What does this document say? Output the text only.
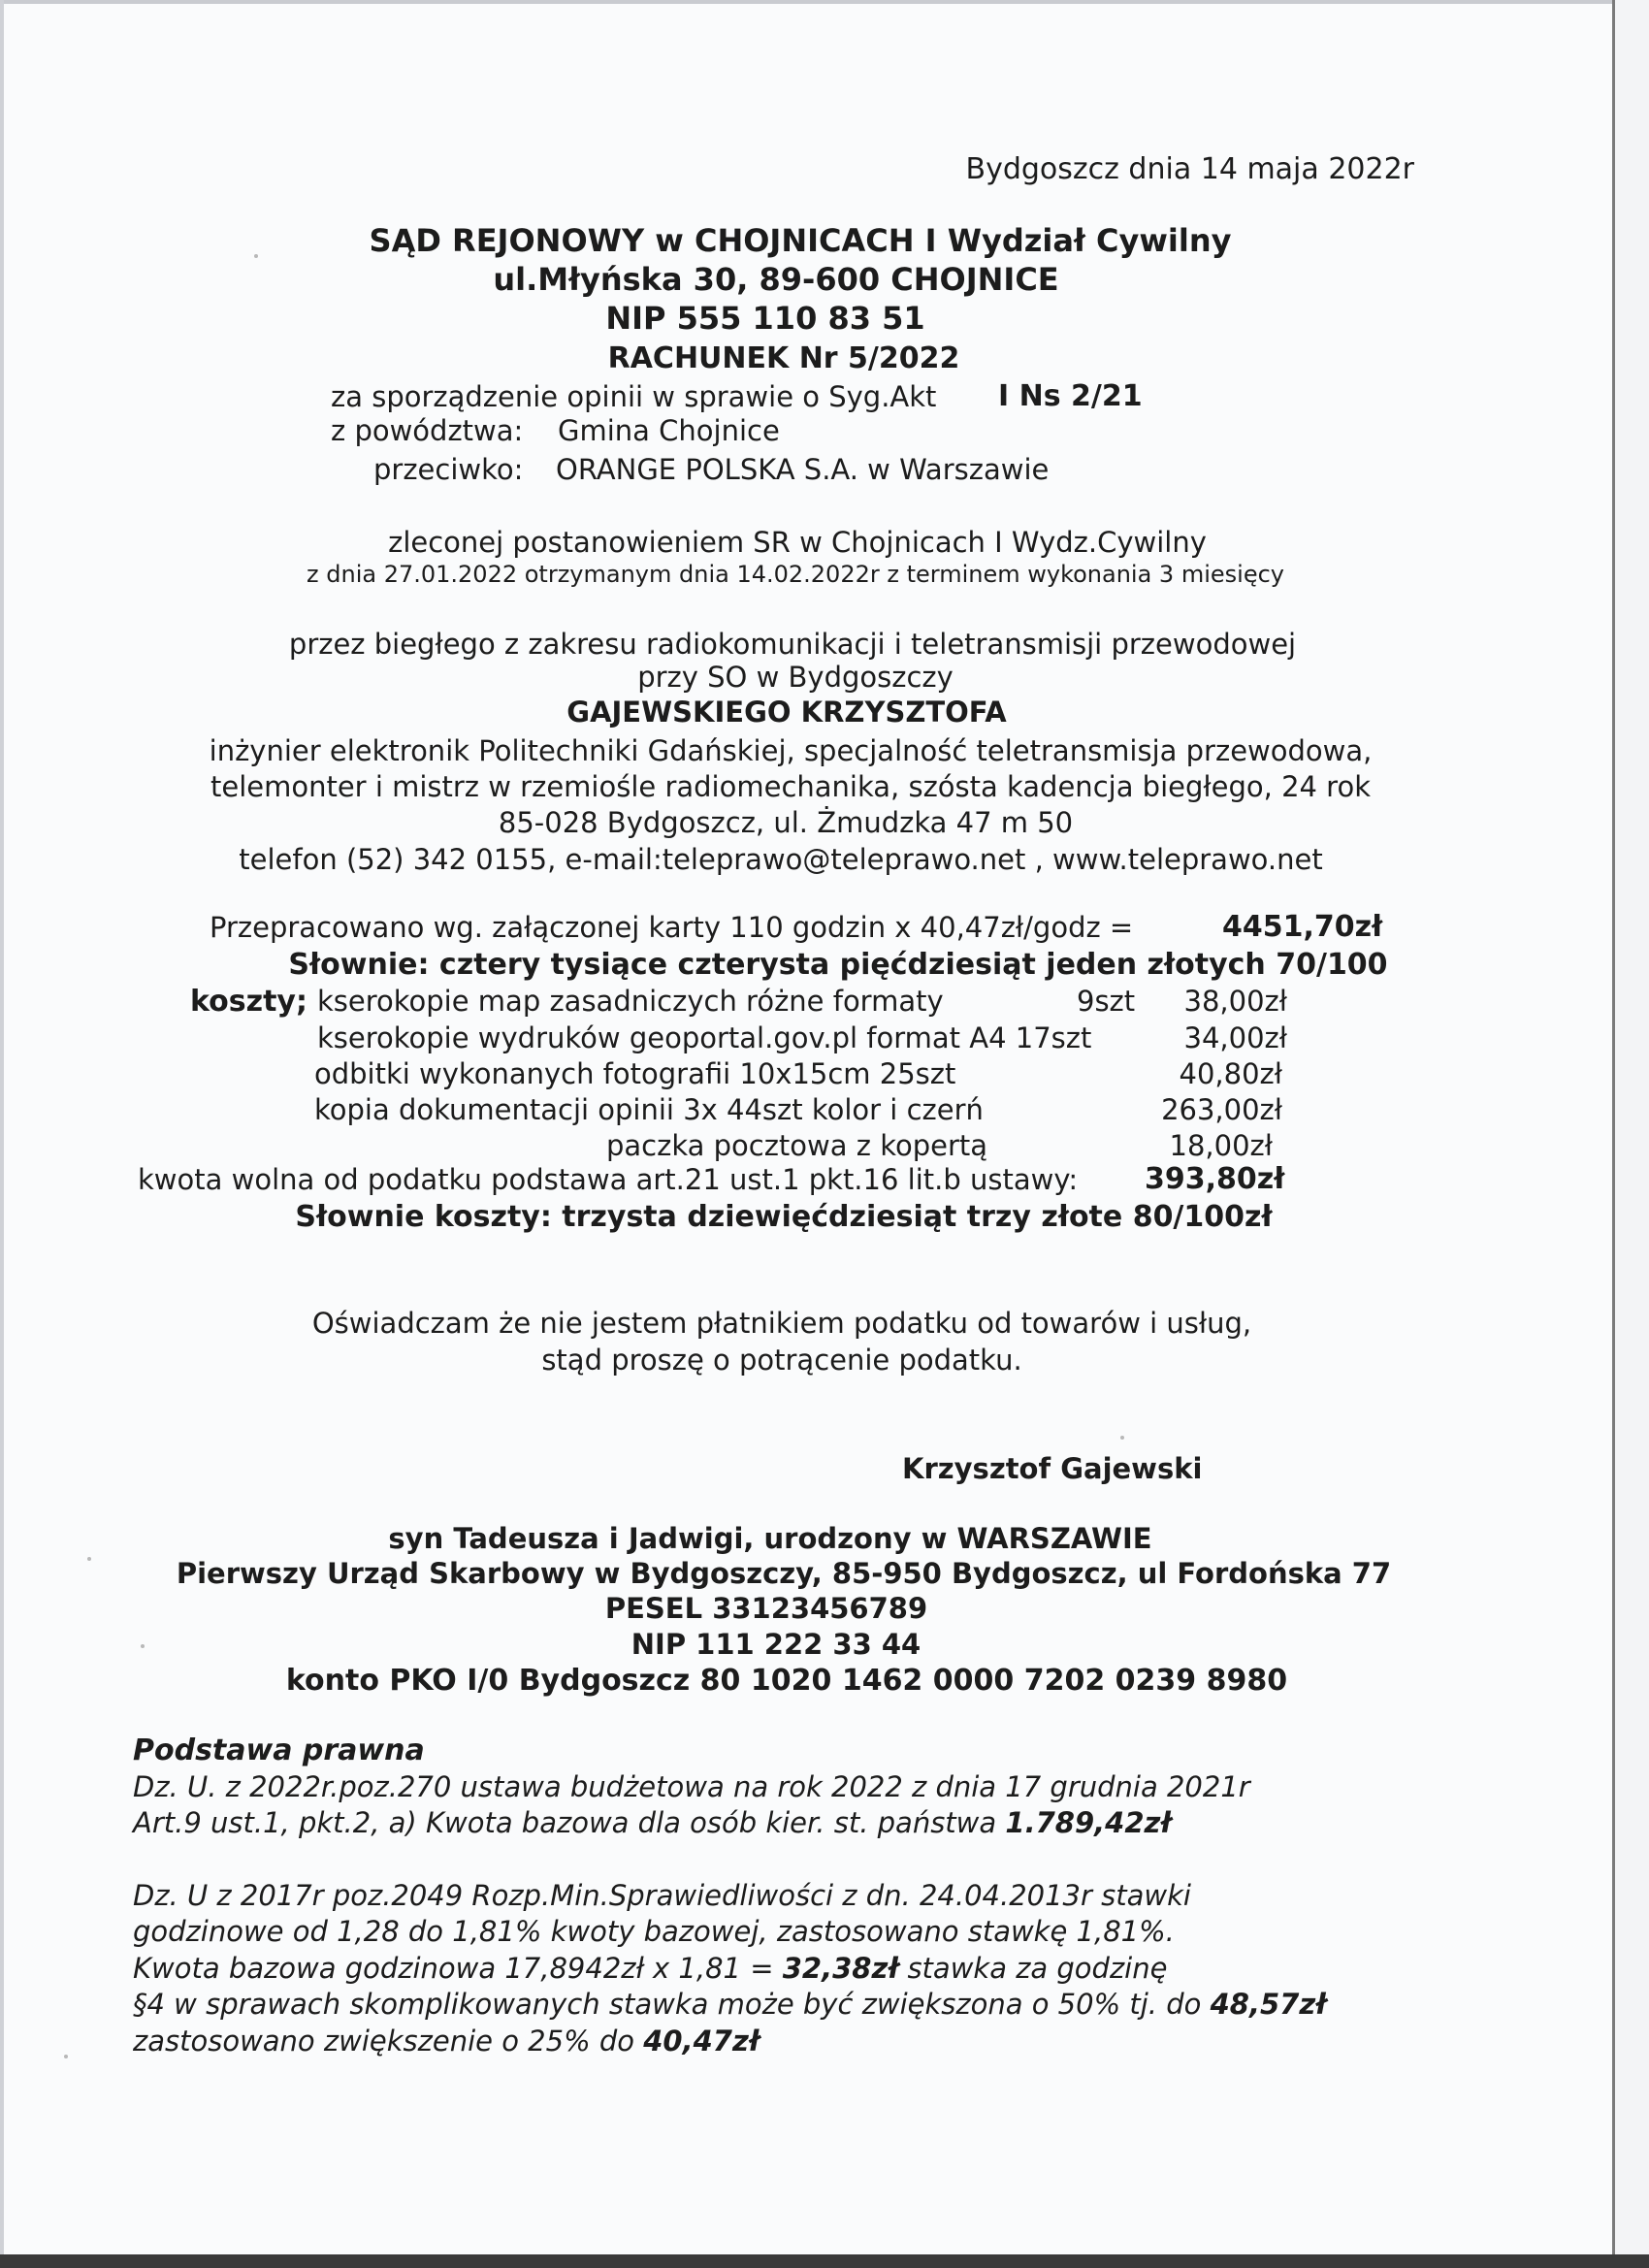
Bydgoszcz dnia 14 maja 2022r
SĄD REJONOWY w CHOJNICACH I Wydział Cywilny
ul.Młyńska 30, 89-600 CHOJNICE
NIP 555 110 83 51
RACHUNEK Nr 5/2022
za sporządzenie opinii w sprawie o Syg.Akt I Ns 2/21
z powództwa: Gmina Chojnice
przeciwko: ORANGE POLSKA S.A. w Warszawie
zleconej postanowieniem SR w Chojnicach I Wydz.Cywilny
z dnia 27.01.2022 otrzymanym dnia 14.02.2022r z terminem wykonania 3 miesięcy
przez biegłego z zakresu radiokomunikacji i teletransmisji przewodowej
przy SO w Bydgoszczy
GAJEWSKIEGO KRZYSZTOFA
inżynier elektronik Politechniki Gdańskiej, specjalność teletransmisja przewodowa,
telemonter i mistrz w rzemiośle radiomechanika, szósta kadencja biegłego, 24 rok
85-028 Bydgoszcz, ul. Żmudzka 47 m 50
telefon (52) 342 0155, e-mail:teleprawo@teleprawo.net , www.teleprawo.net
Przepracowano wg. załączonej karty 110 godzin x 40,47zł/godz =	4451,70zł
Słownie: cztery tysiące czterysta pięćdziesiąt jeden złotych 70/100
koszty; kserokopie map zasadniczych różne formaty	9szt 38,00zł
kserokopie wydruków geoportal.gov.pl format A4 17szt	34,00zł
odbitki wykonanych fotografii 10x15cm 25szt	40,80zł
kopia dokumentacji opinii 3x 44szt kolor i czerń	263,00zł
paczka pocztowa z kopertą	18,00zł
kwota wolna od podatku podstawa art.21 ust.1 pkt.16 lit.b ustawy: 393,80zł
Słownie koszty: trzysta dziewięćdziesiąt trzy złote 80/100zł
Oświadczam że nie jestem płatnikiem podatku od towarów i usług,
stąd proszę o potrącenie podatku.
Krzysztof Gajewski
syn Tadeusza i Jadwigi, urodzony w WARSZAWIE
Pierwszy Urząd Skarbowy w Bydgoszczy, 85-950 Bydgoszcz, ul Fordońska 77
PESEL 33123456789
NIP 111 222 33 44
konto PKO I/0 Bydgoszcz 80 1020 1462 0000 7202 0239 8980
Podstawa prawna
Dz. U. z 2022r.poz.270 ustawa budżetowa na rok 2022 z dnia 17 grudnia 2021r
Art.9 ust.1, pkt.2, a) Kwota bazowa dla osób kier. st. państwa 1.789,42zł
Dz. U z 2017r poz.2049 Rozp.Min.Sprawiedliwości z dn. 24.04.2013r stawki
godzinowe od 1,28 do 1,81% kwoty bazowej, zastosowano stawkę 1,81%.
Kwota bazowa godzinowa 17,8942zł x 1,81 = 32,38zł stawka za godzinę
§4 w sprawach skomplikowanych stawka może być zwiększona o 50% tj. do 48,57zł
zastosowano zwiększenie o 25% do 40,47zł
